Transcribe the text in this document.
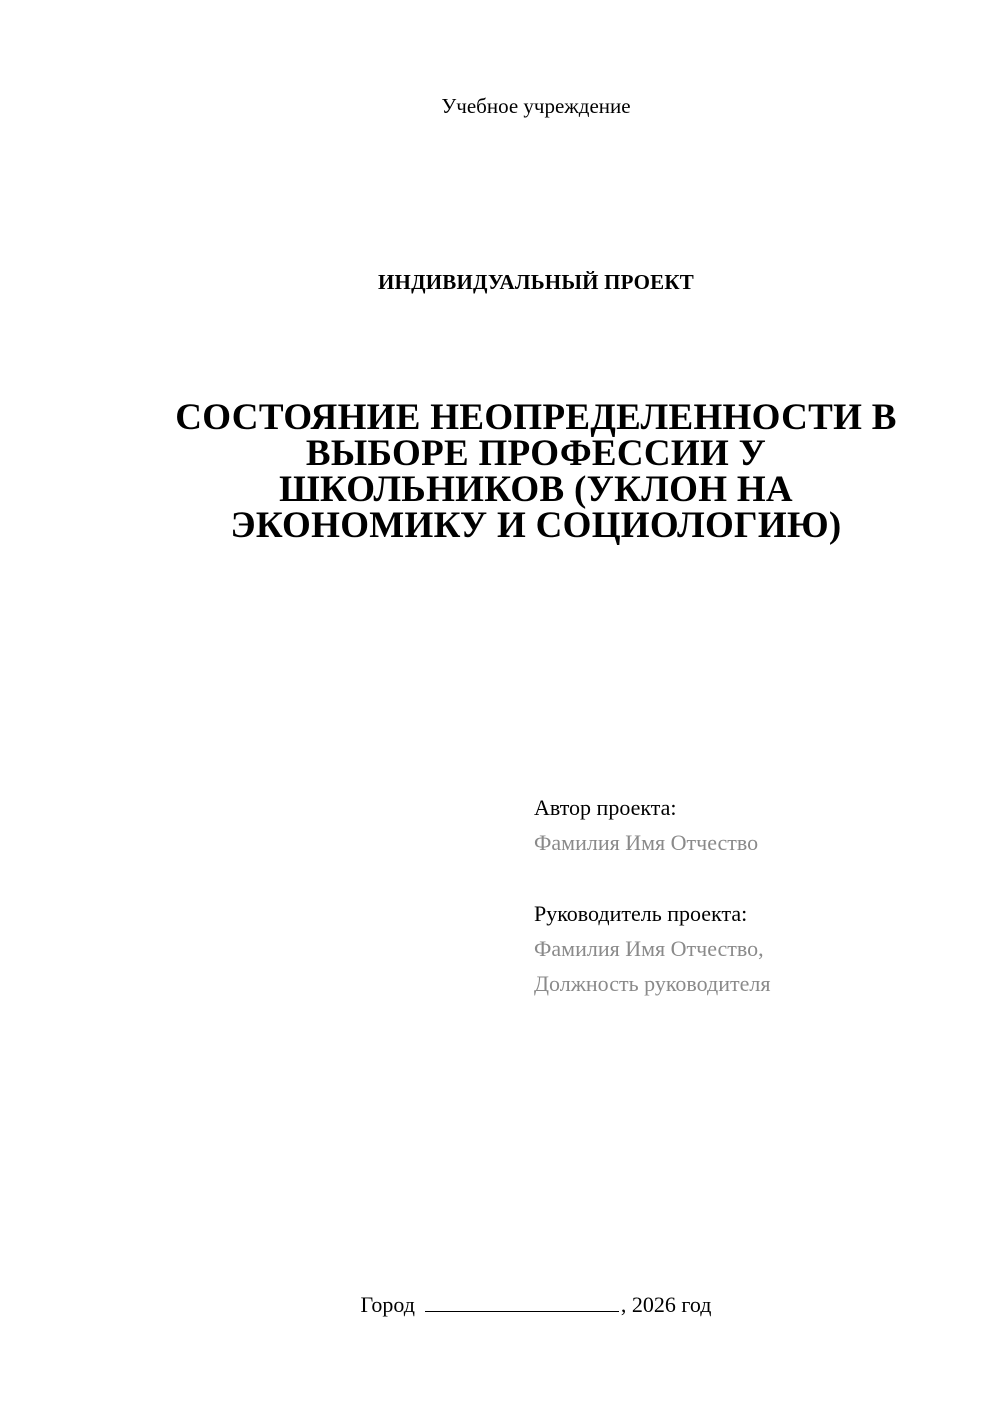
Учебное учреждение
ИНДИВИДУАЛЬНЫЙ ПРОЕКТ
СОСТОЯНИЕ НЕОПРЕДЕЛЕННОСТИ В
ВЫБОРЕ ПРОФЕССИИ У
ШКОЛЬНИКОВ (УКЛОН НА
ЭКОНОМИКУ И СОЦИОЛОГИЮ)
Автор проекта:
Фамилия Имя Отчество
Руководитель проекта:
Фамилия Имя Отчество,
Должность руководителя
Город	, 2026 год
